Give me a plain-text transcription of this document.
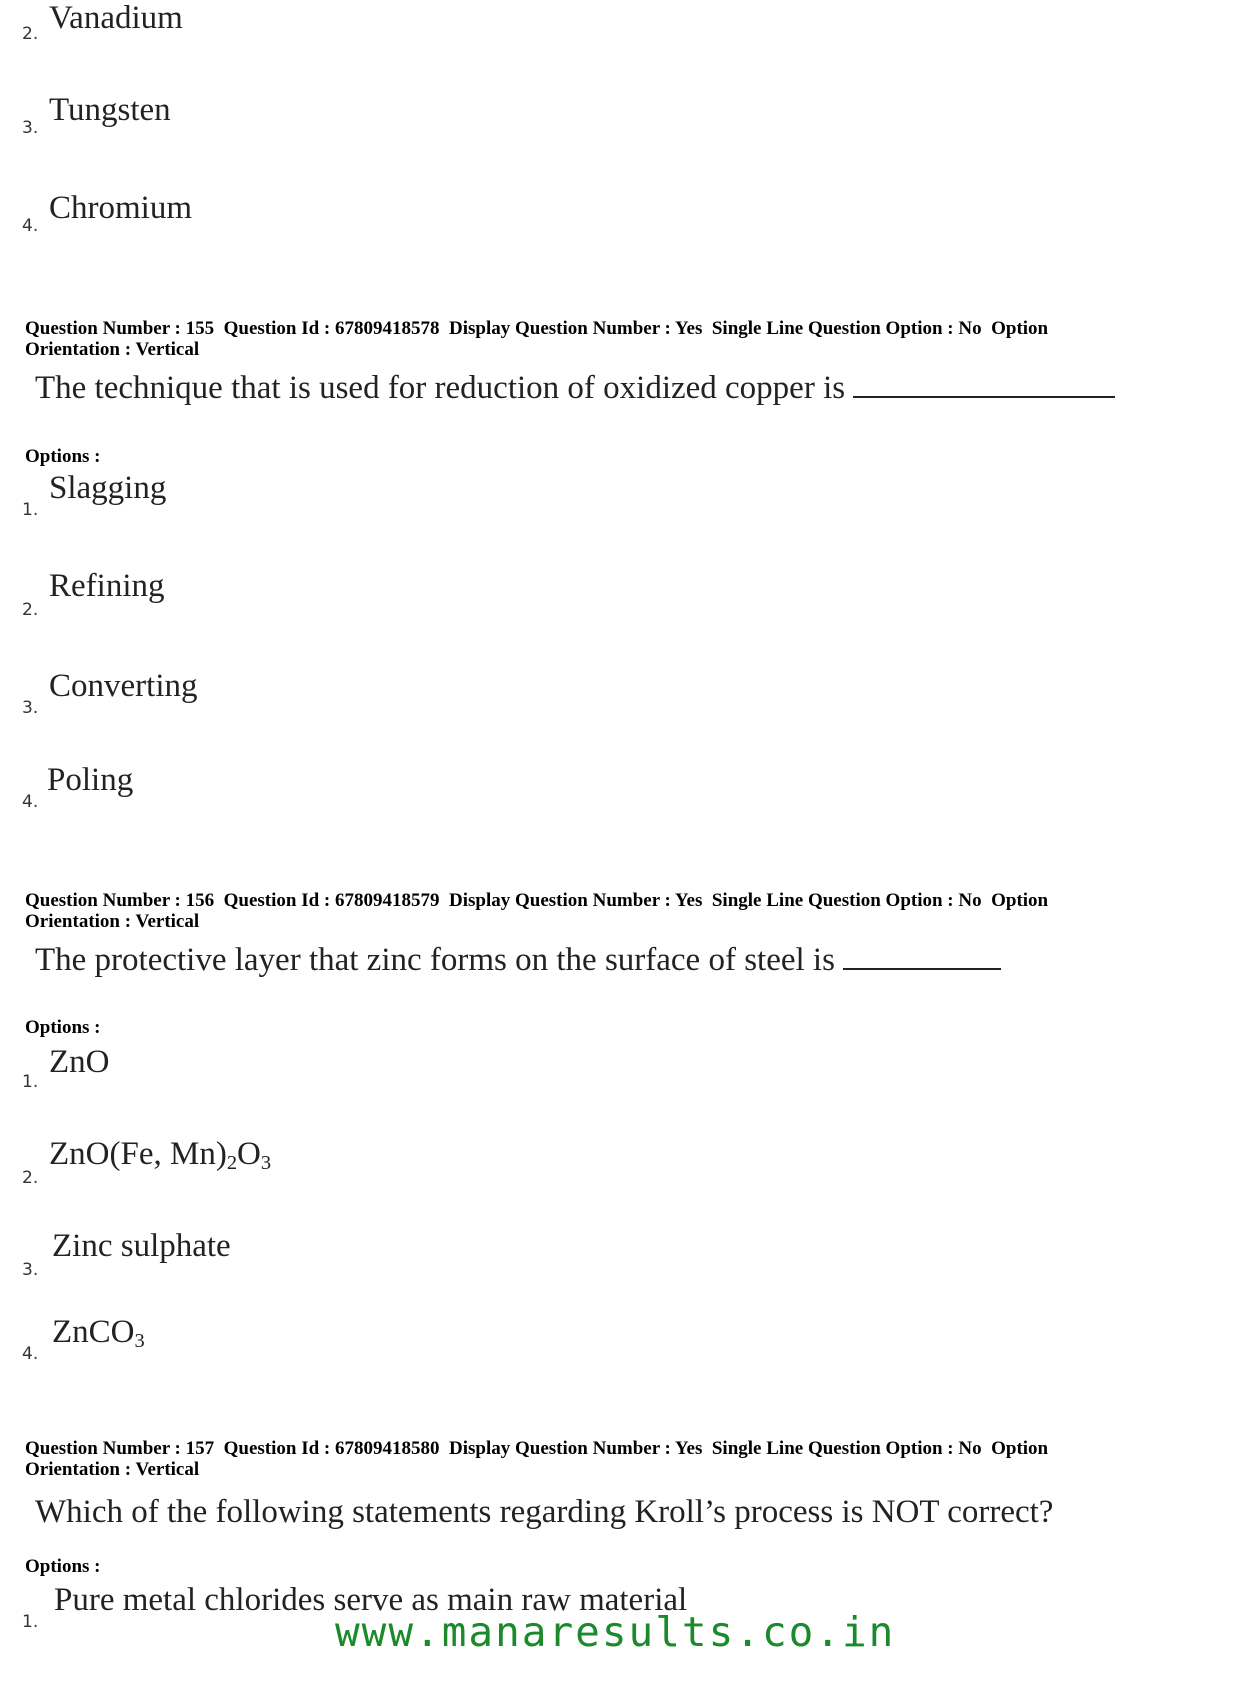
2. Vanadium
3. Tungsten
4. Chromium
Question Number : 155  Question Id : 67809418578  Display Question Number : Yes  Single Line Question Option : No  Option
Orientation : Vertical
The technique that is used for reduction of oxidized copper is
Options :
1.
Slagging
2.
Refining
3.
Converting
4.
Poling
Question Number : 156  Question Id : 67809418579  Display Question Number : Yes  Single Line Question Option : No  Option
Orientation : Vertical
The protective layer that zinc forms on the surface of steel is
Options :
1.
ZnO
2.
ZnO(Fe, $Mn)_2O_3$
3.
Zinc sulphate
4.
ZnCO$_3$
Question Number : 157  Question Id : 67809418580  Display Question Number : Yes  Single Line Question Option : No  Option
Orientation : Vertical
Which of the following statements regarding Kroll’s process is NOT correct?
Options :
1.
Pure metal chlorides serve as main raw material
www.manaresults.co.in
